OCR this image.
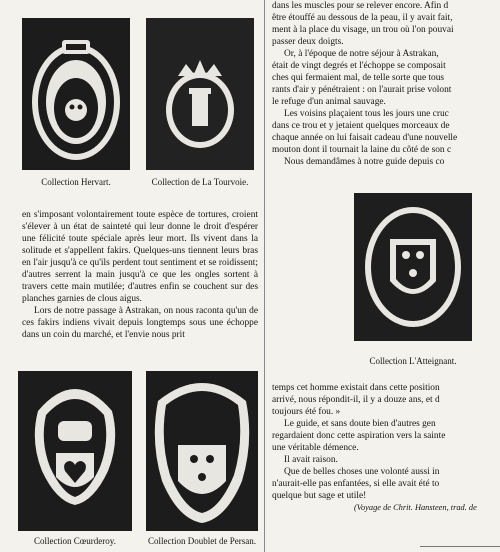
Collection Hervart.	Collection de La Tourvoie.

en s'imposant volontairement toute espèce de tortures, croient s'élever à un état de sainteté qui leur donne le droit d'espérer une félicité toute spéciale après leur mort. Ils vivent dans la solitude et s'appellent fakirs. Quelques-uns tiennent leurs bras en l'air jusqu'à ce qu'ils perdent tout sentiment et se roidissent; d'autres serrent la main jusqu'à ce que les ongles sortent à travers cette main mutilée; d'autres enfin se couchent sur des planches garnies de clous aigus.

Lors de notre passage à Astrakan, on nous raconta qu'un de ces fakirs indiens vivait depuis longtemps sous une échoppe dans un coin du marché, et l'envie nous prit

Collection Cœurderoy.	Collection Doublet de Persan.
dans les muscles pour se relever encore. Afin d
être étouffé au dessous de la peau, il y avait fait,
ment à la place du visage, un trou où l'on pouvai
passer deux doigts.
Or, à l'époque de notre séjour à Astrakan,
était de vingt degrés et l'échoppe se composait
ches qui fermaient mal, de telle sorte que tous
rants d'air y pénétraient : on l'aurait prise volont
le refuge d'un animal sauvage.
Les voisins plaçaient tous les jours une cruc
dans ce trou et y jetaient quelques morceaux de
chaque année on lui faisait cadeau d'une nouvelle
mouton dont il tournait la laine du côté de son c
Nous demandâmes à notre guide depuis co
Collection L'Atteignant.
temps cet homme existait dans cette position
arrivé, nous répondit-il, il y a douze ans, et d
toujours été fou. »
Le guide, et sans doute bien d'autres gen
regardaient donc cette aspiration vers la sainte
une véritable démence.
Il avait raison.
Que de belles choses une volonté aussi in
n'aurait-elle pas enfantées, si elle avait été to
quelque but sage et utile!
(Voyage de Chrit. Hansteen, trad. de
